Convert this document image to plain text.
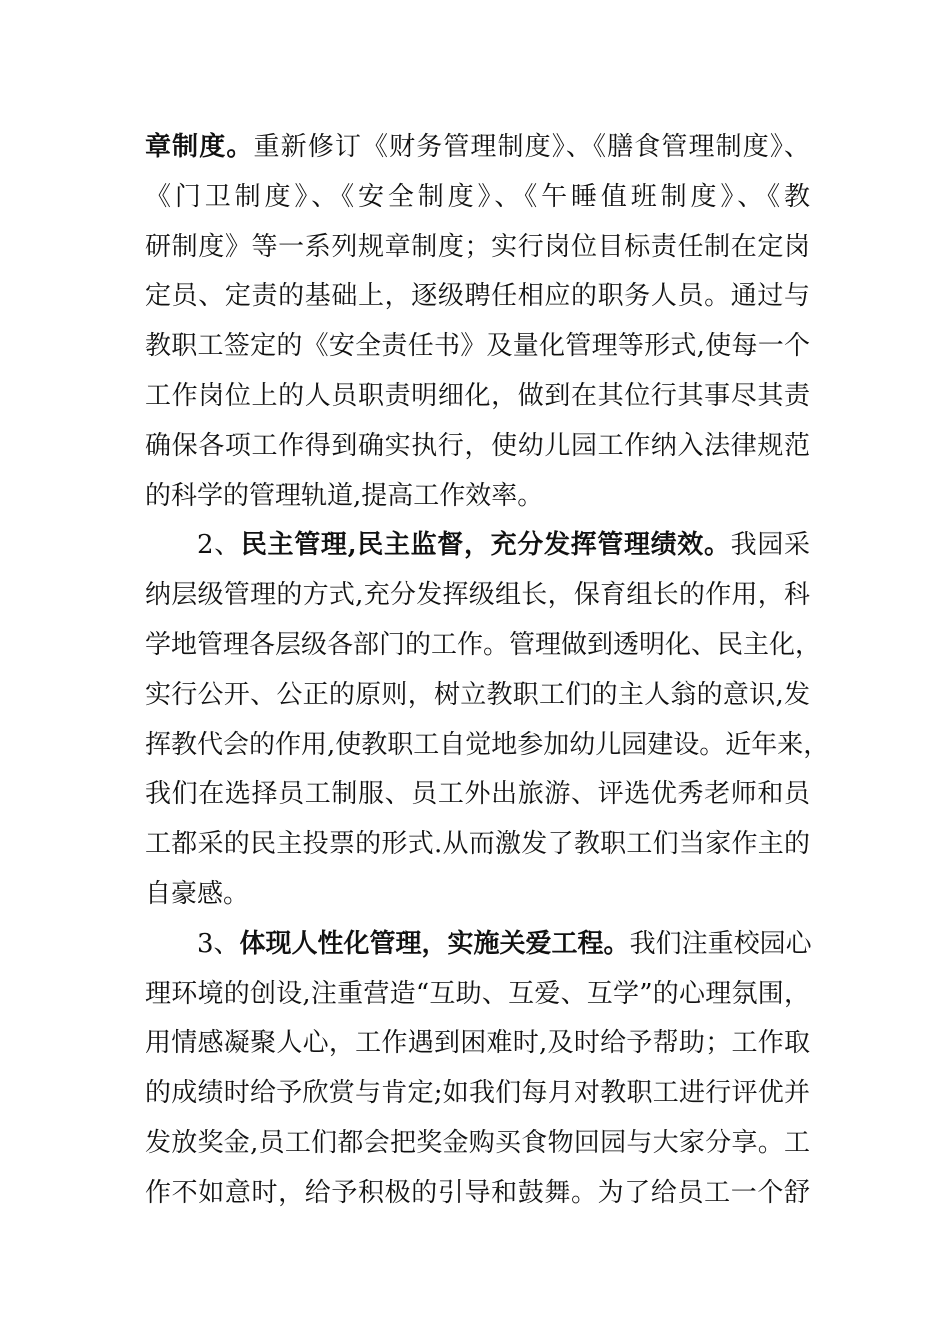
章制度。重新修订《财务管理制度》、《膳食管理制度》、
《门卫制度》、《安全制度》、《午睡值班制度》、《教
研制度》等一系列规章制度；实行岗位目标责任制在定岗
定员、定责的基础上，逐级聘任相应的职务人员。通过与
教职工签定的《安全责任书》及量化管理等形式,使每一个
工作岗位上的人员职责明细化，做到在其位行其事尽其责
确保各项工作得到确实执行，使幼儿园工作纳入法律规范
的科学的管理轨道,提高工作效率。
2、民主管理,民主监督，充分发挥管理绩效。我园采
纳层级管理的方式,充分发挥级组长，保育组长的作用，科
学地管理各层级各部门的工作。管理做到透明化、民主化，
实行公开、公正的原则，树立教职工们的主人翁的意识,发
挥教代会的作用,使教职工自觉地参加幼儿园建设。近年来，
我们在选择员工制服、员工外出旅游、评选优秀老师和员
工都采的民主投票的形式.从而激发了教职工们当家作主的
自豪感。
3、体现人性化管理，实施关爱工程。我们注重校园心
理环境的创设,注重营造“互助、互爱、互学”的心理氛围，
用情感凝聚人心，工作遇到困难时,及时给予帮助；工作取
的成绩时给予欣赏与肯定;如我们每月对教职工进行评优并
发放奖金,员工们都会把奖金购买食物回园与大家分享。工
作不如意时，给予积极的引导和鼓舞。为了给员工一个舒
